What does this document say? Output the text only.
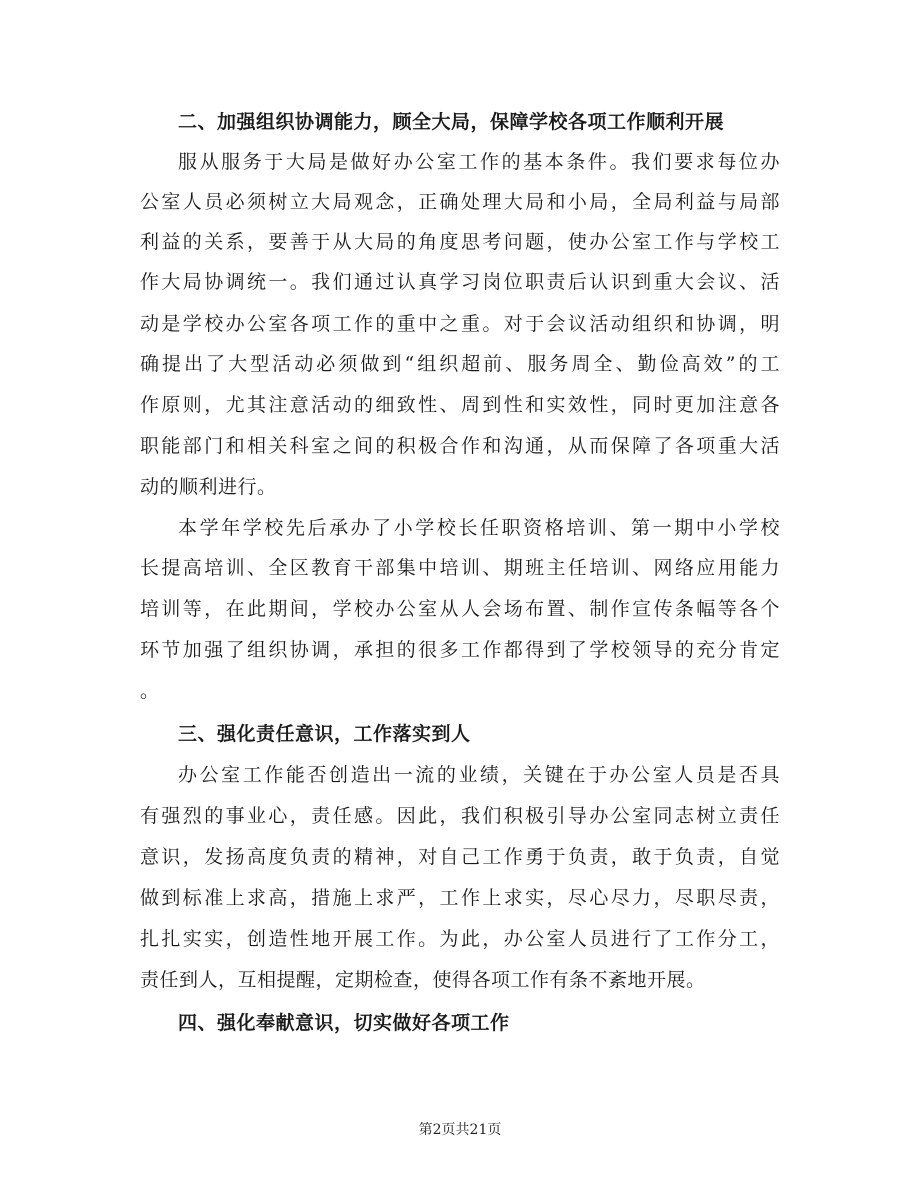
二、加强组织协调能力，顾全大局，保障学校各项工作顺利开展
服从服务于大局是做好办公室工作的基本条件。我们要求每位办
公室人员必须树立大局观念，正确处理大局和小局，全局利益与局部
利益的关系，要善于从大局的角度思考问题，使办公室工作与学校工
作大局协调统一。我们通过认真学习岗位职责后认识到重大会议、活
动是学校办公室各项工作的重中之重。对于会议活动组织和协调，明
确提出了大型活动必须做到“组织超前、服务周全、勤俭高效”的工
作原则，尤其注意活动的细致性、周到性和实效性，同时更加注意各
职能部门和相关科室之间的积极合作和沟通，从而保障了各项重大活
动的顺利进行。
本学年学校先后承办了小学校长任职资格培训、第一期中小学校
长提高培训、全区教育干部集中培训、期班主任培训、网络应用能力
培训等，在此期间，学校办公室从人会场布置、制作宣传条幅等各个
环节加强了组织协调，承担的很多工作都得到了学校领导的充分肯定
。
三、强化责任意识，工作落实到人
办公室工作能否创造出一流的业绩，关键在于办公室人员是否具
有强烈的事业心，责任感。因此，我们积极引导办公室同志树立责任
意识，发扬高度负责的精神，对自己工作勇于负责，敢于负责，自觉
做到标准上求高，措施上求严，工作上求实，尽心尽力，尽职尽责，
扎扎实实，创造性地开展工作。为此，办公室人员进行了工作分工，
责任到人，互相提醒，定期检查，使得各项工作有条不紊地开展。
四、强化奉献意识，切实做好各项工作
第2页共21页
